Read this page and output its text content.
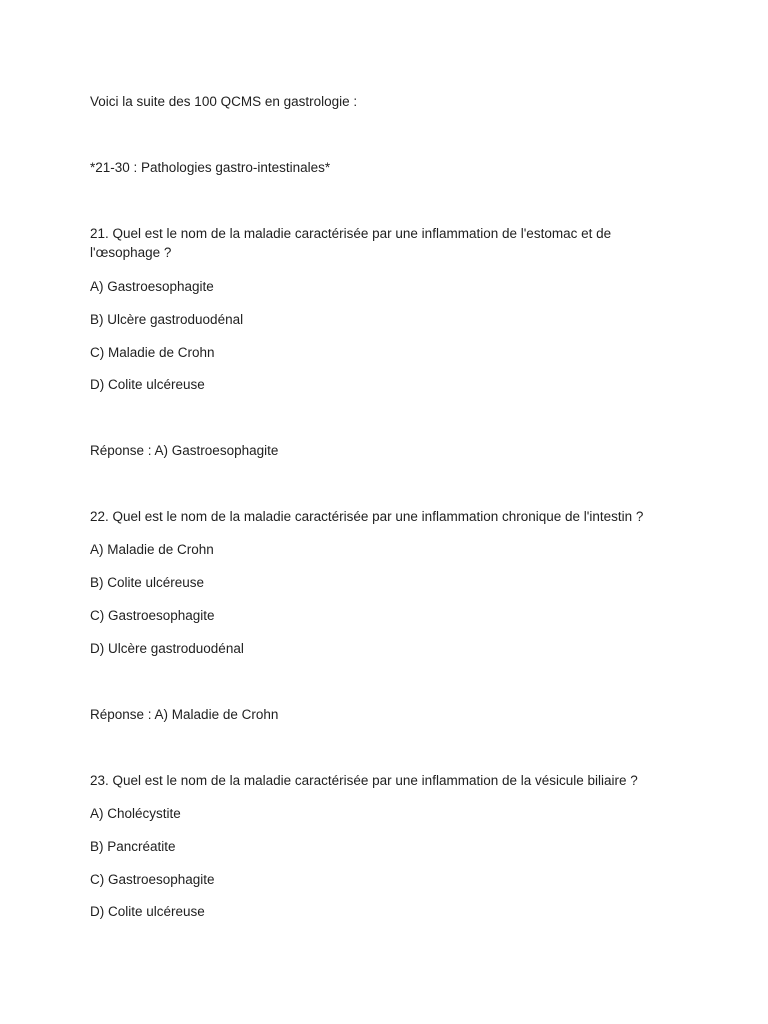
Voici la suite des 100 QCMS en gastrologie :
*21-30 : Pathologies gastro-intestinales*
21. Quel est le nom de la maladie caractérisée par une inflammation de l'estomac et de l'œsophage ?
A) Gastroesophagite
B) Ulcère gastroduodénal
C) Maladie de Crohn
D) Colite ulcéreuse
Réponse : A) Gastroesophagite
22. Quel est le nom de la maladie caractérisée par une inflammation chronique de l'intestin ?
A) Maladie de Crohn
B) Colite ulcéreuse
C) Gastroesophagite
D) Ulcère gastroduodénal
Réponse : A) Maladie de Crohn
23. Quel est le nom de la maladie caractérisée par une inflammation de la vésicule biliaire ?
A) Cholécystite
B) Pancréatite
C) Gastroesophagite
D) Colite ulcéreuse
